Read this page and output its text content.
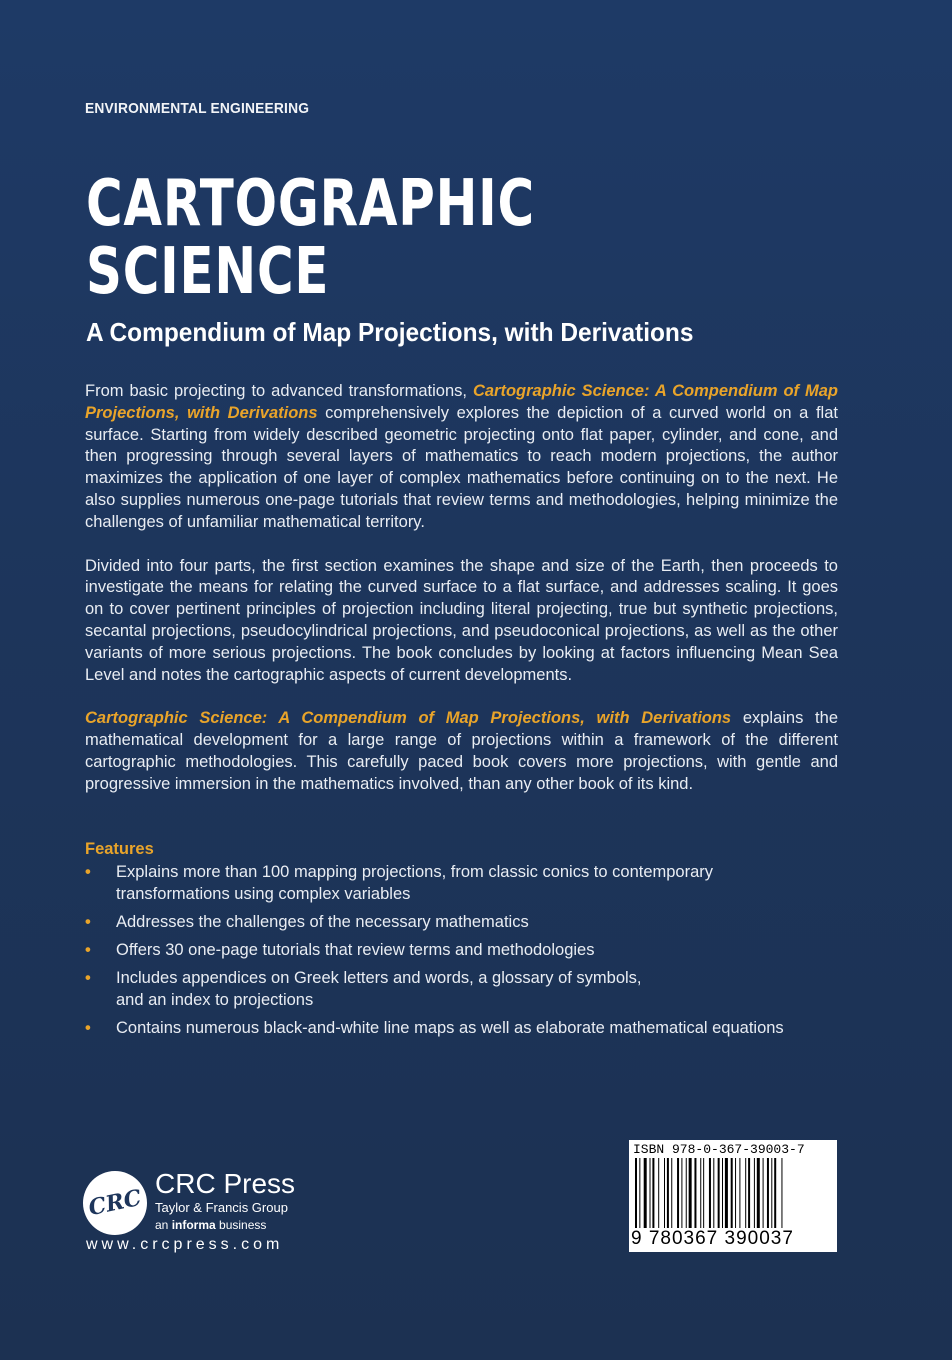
ENVIRONMENTAL ENGINEERING
CARTOGRAPHIC
SCIENCE
A Compendium of Map Projections, with Derivations

From basic projecting to advanced transformations, Cartographic Science: A Compendium of Map Projections, with Derivations comprehensively explores the depiction of a curved world on a flat surface. Starting from widely described geometric projecting onto flat paper, cylinder, and cone, and then progressing through several layers of mathematics to reach modern projections, the author maximizes the application of one layer of complex mathematics before continuing on to the next. He also supplies numerous one-page tutorials that review terms and methodologies, helping minimize the challenges of unfamiliar mathematical territory.

Divided into four parts, the first section examines the shape and size of the Earth, then proceeds to investigate the means for relating the curved surface to a flat surface, and addresses scaling. It goes on to cover pertinent principles of projection including literal projecting, true but synthetic projections, secantal projections, pseudocylindrical projections, and pseudoconical projections, as well as the other variants of more serious projections. The book concludes by looking at factors influencing Mean Sea Level and notes the cartographic aspects of current developments.

Cartographic Science: A Compendium of Map Projections, with Derivations explains the mathematical development for a large range of projections within a framework of the different cartographic methodologies. This carefully paced book covers more projections, with gentle and progressive immersion in the mathematics involved, than any other book of its kind.

Features
• Explains more than 100 mapping projections, from classic conics to contemporary
transformations using complex variables
• Addresses the challenges of the necessary mathematics
• Offers 30 one-page tutorials that review terms and methodologies
• Includes appendices on Greek letters and words, a glossary of symbols,
and an index to projections
• Contains numerous black-and-white line maps as well as elaborate mathematical equations
CRC
CRC Press
Taylor & Francis Group
an informa business
www.crcpress.com
ISBN 978-0-367-39003-7
9 780367 390037
